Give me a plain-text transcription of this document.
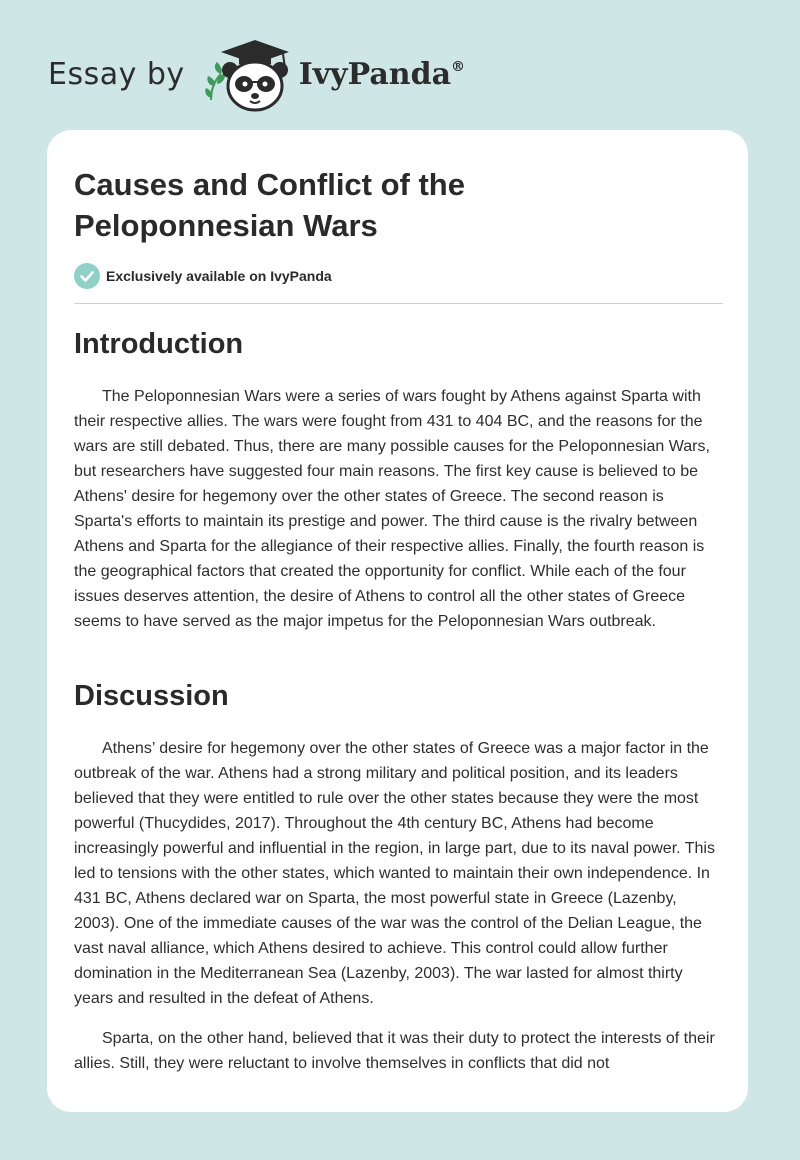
Essay by	IvyPanda®
Causes and Conflict of the Peloponnesian Wars
Exclusively available on IvyPanda
Introduction

The Peloponnesian Wars were a series of wars fought by Athens against Sparta with their respective allies. The wars were fought from 431 to 404 BC, and the reasons for the wars are still debated. Thus, there are many possible causes for the Peloponnesian Wars, but researchers have suggested four main reasons. The first key cause is believed to be Athens' desire for hegemony over the other states of Greece. The second reason is Sparta's efforts to maintain its prestige and power. The third cause is the rivalry between Athens and Sparta for the allegiance of their respective allies. Finally, the fourth reason is the geographical factors that created the opportunity for conflict. While each of the four issues deserves attention, the desire of Athens to control all the other states of Greece seems to have served as the major impetus for the Peloponnesian Wars outbreak.

Discussion

Athens’ desire for hegemony over the other states of Greece was a major factor in the outbreak of the war. Athens had a strong military and political position, and its leaders believed that they were entitled to rule over the other states because they were the most powerful (Thucydides, 2017). Throughout the 4th century BC, Athens had become increasingly powerful and influential in the region, in large part, due to its naval power. This led to tensions with the other states, which wanted to maintain their own independence. In 431 BC, Athens declared war on Sparta, the most powerful state in Greece (Lazenby, 2003). One of the immediate causes of the war was the control of the Delian League, the vast naval alliance, which Athens desired to achieve. This control could allow further domination in the Mediterranean Sea (Lazenby, 2003). The war lasted for almost thirty years and resulted in the defeat of Athens.

Sparta, on the other hand, believed that it was their duty to protect the interests of their allies. Still, they were reluctant to involve themselves in conflicts that did not
